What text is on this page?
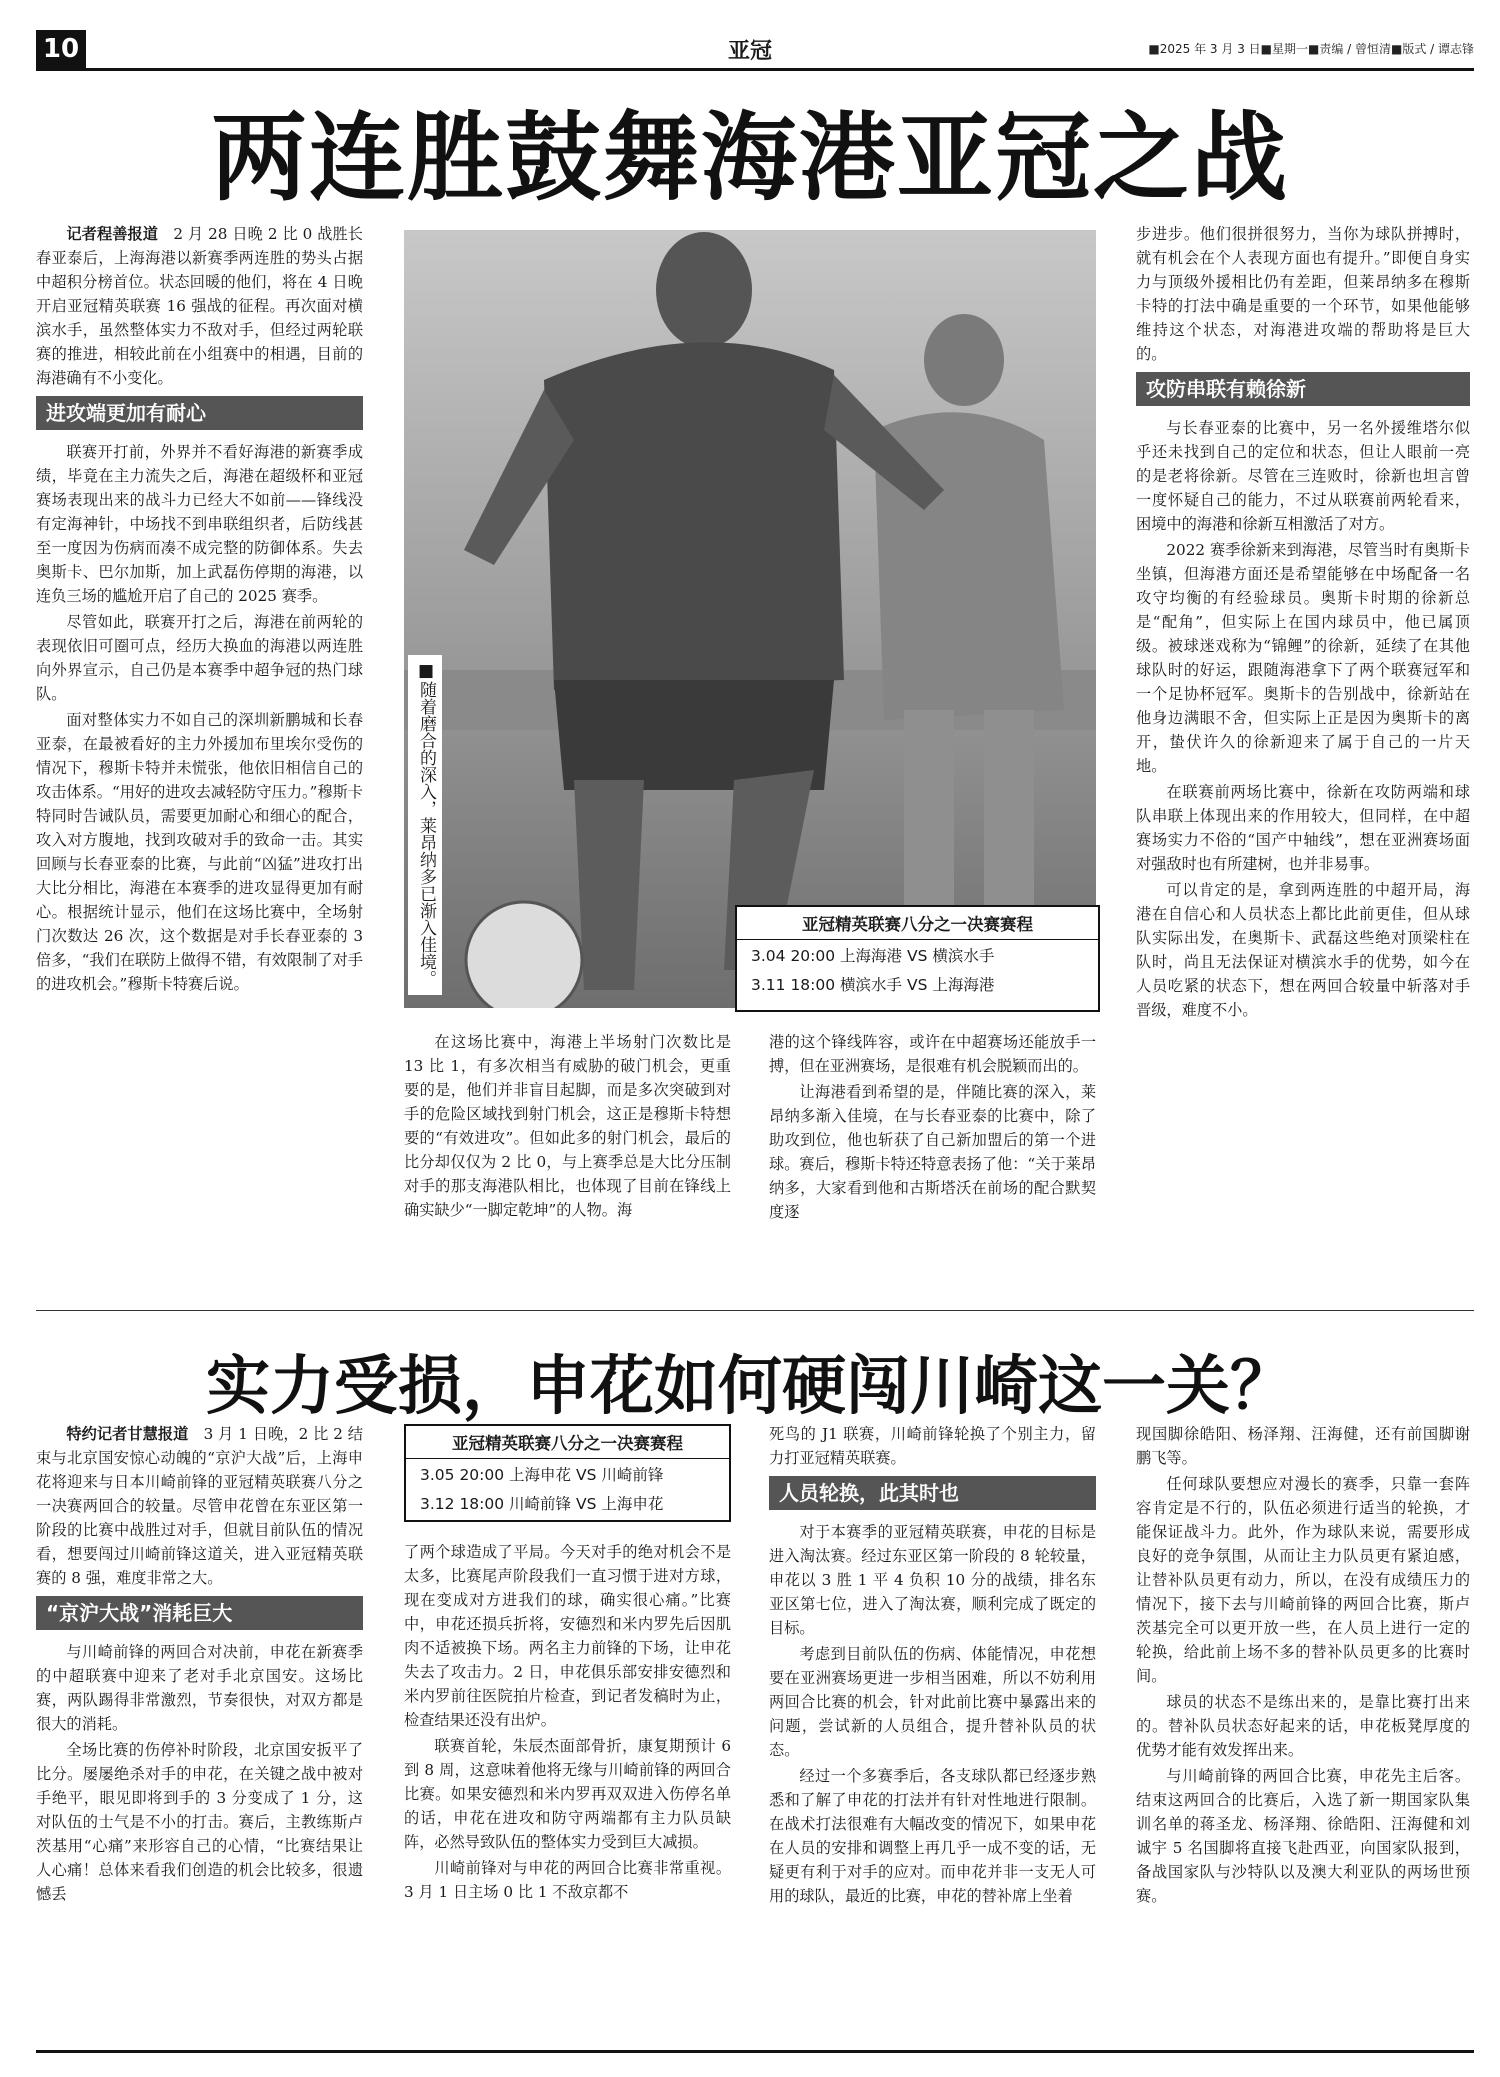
10	亚冠	■2025 年 3 月 3 日■星期一■责编 / 曾恒清■版式 / 谭志锋
两连胜鼓舞海港亚冠之战

记者程善报道　 2 月 28 日晚 2 比 0 战胜长春亚泰后，上海海港以新赛季两连胜的势头占据中超积分榜首位。状态回暖的他们，将在 4 日晚开启亚冠精英联赛 16 强战的征程。再次面对横滨水手，虽然整体实力不敌对手，但经过两轮联赛的推进，相较此前在小组赛中的相遇，目前的海港确有不小变化。

进攻端更加有耐心

联赛开打前，外界并不看好海港的新赛季成绩，毕竟在主力流失之后，海港在超级杯和亚冠赛场表现出来的战斗力已经大不如前——锋线没有定海神针，中场找不到串联组织者，后防线甚至一度因为伤病而凑不成完整的防御体系。失去奥斯卡、巴尔加斯，加上武磊伤停期的海港，以连负三场的尴尬开启了自己的 2025 赛季。

尽管如此，联赛开打之后，海港在前两轮的表现依旧可圈可点，经历大换血的海港以两连胜向外界宣示，自己仍是本赛季中超争冠的热门球队。

面对整体实力不如自己的深圳新鹏城和长春亚泰，在最被看好的主力外援加布里埃尔受伤的情况下，穆斯卡特并未慌张，他依旧相信自己的攻击体系。“用好的进攻去减轻防守压力。”穆斯卡特同时告诫队员，需要更加耐心和细心的配合，攻入对方腹地，找到攻破对手的致命一击。其实回顾与长春亚泰的比赛，与此前“凶猛”进攻打出大比分相比，海港在本赛季的进攻显得更加有耐心。根据统计显示，他们在这场比赛中，全场射门次数达 26 次，这个数据是对手长春亚泰的 3 倍多，“我们在联防上做得不错，有效限制了对手的进攻机会。”穆斯卡特赛后说。	■随着磨合的深入，莱昂纳多已渐入佳境。	亚冠精英联赛八分之一决赛赛程
3.04 20:00 上海海港 VS 横滨水手
3.11 18:00 横滨水手 VS 上海海港

在这场比赛中，海港上半场射门次数比是 13 比 1，有多次相当有威胁的破门机会，更重要的是，他们并非盲目起脚，而是多次突破到对手的危险区域找到射门机会，这正是穆斯卡特想要的“有效进攻”。但如此多的射门机会，最后的比分却仅仅为 2 比 0，与上赛季总是大比分压制对手的那支海港队相比，也体现了目前在锋线上确实缺少“一脚定乾坤”的人物。海

港的这个锋线阵容，或许在中超赛场还能放手一搏，但在亚洲赛场，是很难有机会脱颖而出的。

让海港看到希望的是，伴随比赛的深入，莱昂纳多渐入佳境，在与长春亚泰的比赛中，除了助攻到位，他也斩获了自己新加盟后的第一个进球。赛后，穆斯卡特还特意表扬了他：“关于莱昂纳多，大家看到他和古斯塔沃在前场的配合默契度逐

步进步。他们很拼很努力，当你为球队拼搏时，就有机会在个人表现方面也有提升。”即便自身实力与顶级外援相比仍有差距，但莱昂纳多在穆斯卡特的打法中确是重要的一个环节，如果他能够维持这个状态，对海港进攻端的帮助将是巨大的。

攻防串联有赖徐新

与长春亚泰的比赛中，另一名外援维塔尔似乎还未找到自己的定位和状态，但让人眼前一亮的是老将徐新。尽管在三连败时，徐新也坦言曾一度怀疑自己的能力，不过从联赛前两轮看来，困境中的海港和徐新互相激活了对方。

2022 赛季徐新来到海港，尽管当时有奥斯卡坐镇，但海港方面还是希望能够在中场配备一名攻守均衡的有经验球员。奥斯卡时期的徐新总是“配角”，但实际上在国内球员中，他已属顶级。被球迷戏称为“锦鲤”的徐新，延续了在其他球队时的好运，跟随海港拿下了两个联赛冠军和一个足协杯冠军。奥斯卡的告别战中，徐新站在他身边满眼不舍，但实际上正是因为奥斯卡的离开，蛰伏许久的徐新迎来了属于自己的一片天地。

在联赛前两场比赛中，徐新在攻防两端和球队串联上体现出来的作用较大，但同样，在中超赛场实力不俗的“国产中轴线”，想在亚洲赛场面对强敌时也有所建树，也并非易事。

可以肯定的是，拿到两连胜的中超开局，海港在自信心和人员状态上都比此前更佳，但从球队实际出发，在奥斯卡、武磊这些绝对顶梁柱在队时，尚且无法保证对横滨水手的优势，如今在人员吃紧的状态下，想在两回合较量中斩落对手晋级，难度不小。

实力受损，申花如何硬闯川崎这一关？

特约记者甘慧报道　 3 月 1 日晚，2 比 2 结束与北京国安惊心动魄的“京沪大战”后，上海申花将迎来与日本川崎前锋的亚冠精英联赛八分之一决赛两回合的较量。尽管申花曾在东亚区第一阶段的比赛中战胜过对手，但就目前队伍的情况看，想要闯过川崎前锋这道关，进入亚冠精英联赛的 8 强，难度非常之大。

“京沪大战”消耗巨大

与川崎前锋的两回合对决前，申花在新赛季的中超联赛中迎来了老对手北京国安。这场比赛，两队踢得非常激烈，节奏很快，对双方都是很大的消耗。

全场比赛的伤停补时阶段，北京国安扳平了比分。屡屡绝杀对手的申花，在关键之战中被对手绝平，眼见即将到手的 3 分变成了 1 分，这对队伍的士气是不小的打击。赛后，主教练斯卢茨基用“心痛”来形容自己的心情，“比赛结果让人心痛！总体来看我们创造的机会比较多，很遗憾丢

亚冠精英联赛八分之一决赛赛程
3.05 20:00 上海申花 VS 川崎前锋
3.12 18:00 川崎前锋 VS 上海申花

了两个球造成了平局。今天对手的绝对机会不是太多，比赛尾声阶段我们一直习惯于进对方球，现在变成对方进我们的球，确实很心痛。”比赛中，申花还损兵折将，安德烈和米内罗先后因肌肉不适被换下场。两名主力前锋的下场，让申花失去了攻击力。2 日，申花俱乐部安排安德烈和米内罗前往医院拍片检查，到记者发稿时为止，检查结果还没有出炉。

联赛首轮，朱辰杰面部骨折，康复期预计 6 到 8 周，这意味着他将无缘与川崎前锋的两回合比赛。如果安德烈和米内罗再双双进入伤停名单的话，申花在进攻和防守两端都有主力队员缺阵，必然导致队伍的整体实力受到巨大减损。

川崎前锋对与申花的两回合比赛非常重视。3 月 1 日主场 0 比 1 不敌京都不

死鸟的 J1 联赛，川崎前锋轮换了个别主力，留力打亚冠精英联赛。

人员轮换，此其时也

对于本赛季的亚冠精英联赛，申花的目标是进入淘汰赛。经过东亚区第一阶段的 8 轮较量，申花以 3 胜 1 平 4 负积 10 分的战绩，排名东亚区第七位，进入了淘汰赛，顺利完成了既定的目标。

考虑到目前队伍的伤病、体能情况，申花想要在亚洲赛场更进一步相当困难，所以不妨利用两回合比赛的机会，针对此前比赛中暴露出来的问题，尝试新的人员组合，提升替补队员的状态。

经过一个多赛季后，各支球队都已经逐步熟悉和了解了申花的打法并有针对性地进行限制。在战术打法很难有大幅改变的情况下，如果申花在人员的安排和调整上再几乎一成不变的话，无疑更有利于对手的应对。而申花并非一支无人可用的球队，最近的比赛，申花的替补席上坐着

现国脚徐皓阳、杨泽翔、汪海健，还有前国脚谢鹏飞等。

任何球队要想应对漫长的赛季，只靠一套阵容肯定是不行的，队伍必须进行适当的轮换，才能保证战斗力。此外，作为球队来说，需要形成良好的竞争氛围，从而让主力队员更有紧迫感，让替补队员更有动力，所以，在没有成绩压力的情况下，接下去与川崎前锋的两回合比赛，斯卢茨基完全可以更开放一些，在人员上进行一定的轮换，给此前上场不多的替补队员更多的比赛时间。

球员的状态不是练出来的，是靠比赛打出来的。替补队员状态好起来的话，申花板凳厚度的优势才能有效发挥出来。

与川崎前锋的两回合比赛，申花先主后客。结束这两回合的比赛后，入选了新一期国家队集训名单的蒋圣龙、杨泽翔、徐皓阳、汪海健和刘诚宇 5 名国脚将直接飞赴西亚，向国家队报到，备战国家队与沙特队以及澳大利亚队的两场世预赛。
